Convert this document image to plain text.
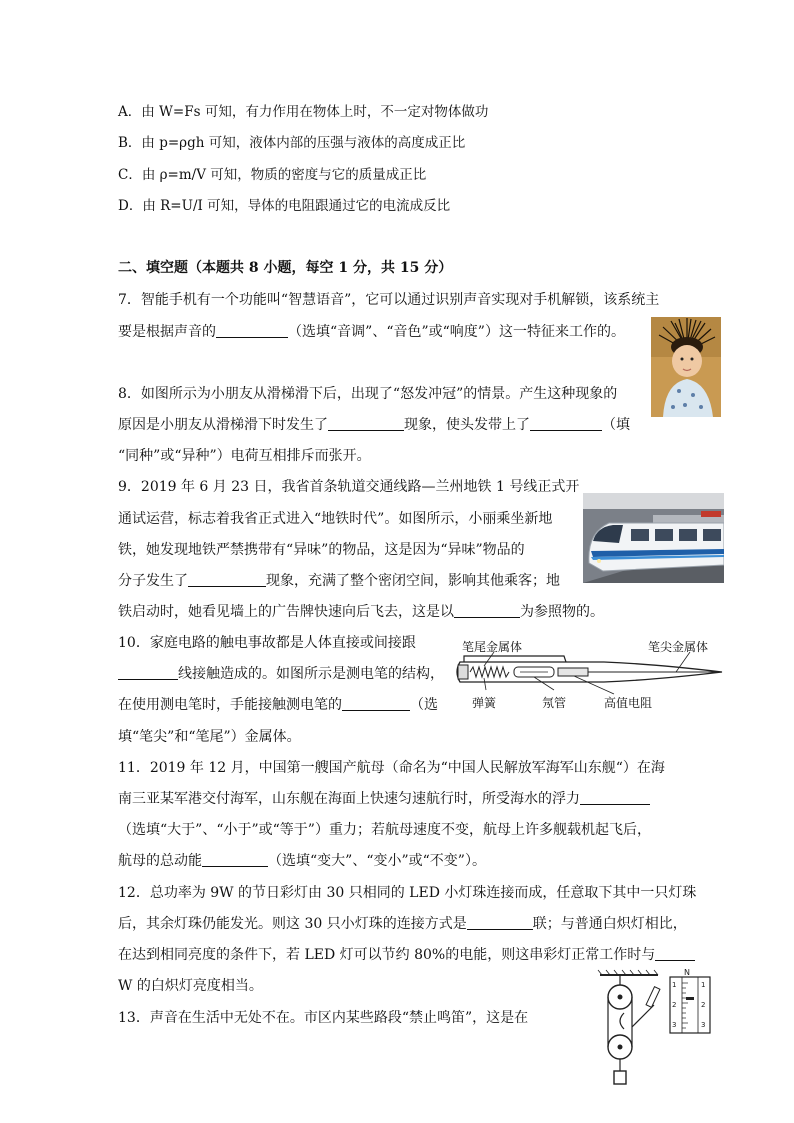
A．由 W=Fs 可知，有力作用在物体上时，不一定对物体做功
B．由 p=ρgh 可知，液体内部的压强与液体的高度成正比
C．由 ρ=m/V 可知，物质的密度与它的质量成正比
D．由 R=U/I 可知，导体的电阻跟通过它的电流成反比
二、填空题（本题共 8 小题，每空 1 分，共 15 分）
7．智能手机有一个功能叫“智慧语音”，它可以通过识别声音实现对手机解锁，该系统主
要是根据声音的	（选填“音调”、“音色”或“响度”）这一特征来工作的。
8．如图所示为小朋友从滑梯滑下后，出现了“怒发冲冠”的情景。产生这种现象的
原因是小朋友从滑梯滑下时发生了	现象，使头发带上了	（填
“同种”或“异种”）电荷互相排斥而张开。
9．2019 年 6 月 23 日，我省首条轨道交通线路—兰州地铁 1 号线正式开
通试运营，标志着我省正式进入“地铁时代”。如图所示，小丽乘坐新地
铁，她发现地铁严禁携带有“异味”的物品，这是因为“异味”物品的
分子发生了	现象，充满了整个密闭空间，影响其他乘客；地
铁启动时，她看见墙上的广告牌快速向后飞去，这是以	为参照物的。
10．家庭电路的触电事故都是人体直接或间接跟
线接触造成的。如图所示是测电笔的结构，
在使用测电笔时，手能接触测电笔的	（选
填“笔尖”和“笔尾”）金属体。
11．2019 年 12 月，中国第一艘国产航母（命名为“中国人民解放军海军山东舰“）在海
南三亚某军港交付海军，山东舰在海面上快速匀速航行时，所受海水的浮力
（选填“大于”、“小于”或“等于”）重力；若航母速度不变，航母上许多舰载机起飞后，
航母的总动能	（选填“变大”、“变小”或“不变”）。
12．总功率为 9W 的节日彩灯由 30 只相同的 LED 小灯珠连接而成，任意取下其中一只灯珠
后，其余灯珠仍能发光。则这 30 只小灯珠的连接方式是	联；与普通白炽灯相比，
在达到相同亮度的条件下，若 LED 灯可以节约 80%的电能，则这串彩灯正常工作时与
W 的白炽灯亮度相当。
13．声音在生活中无处不在。市区内某些路段“禁止鸣笛”，这是在
笔尾金属体	笔尖金属体
弹簧	氖管	高值电阻
N
1
2
3
1
2
3
